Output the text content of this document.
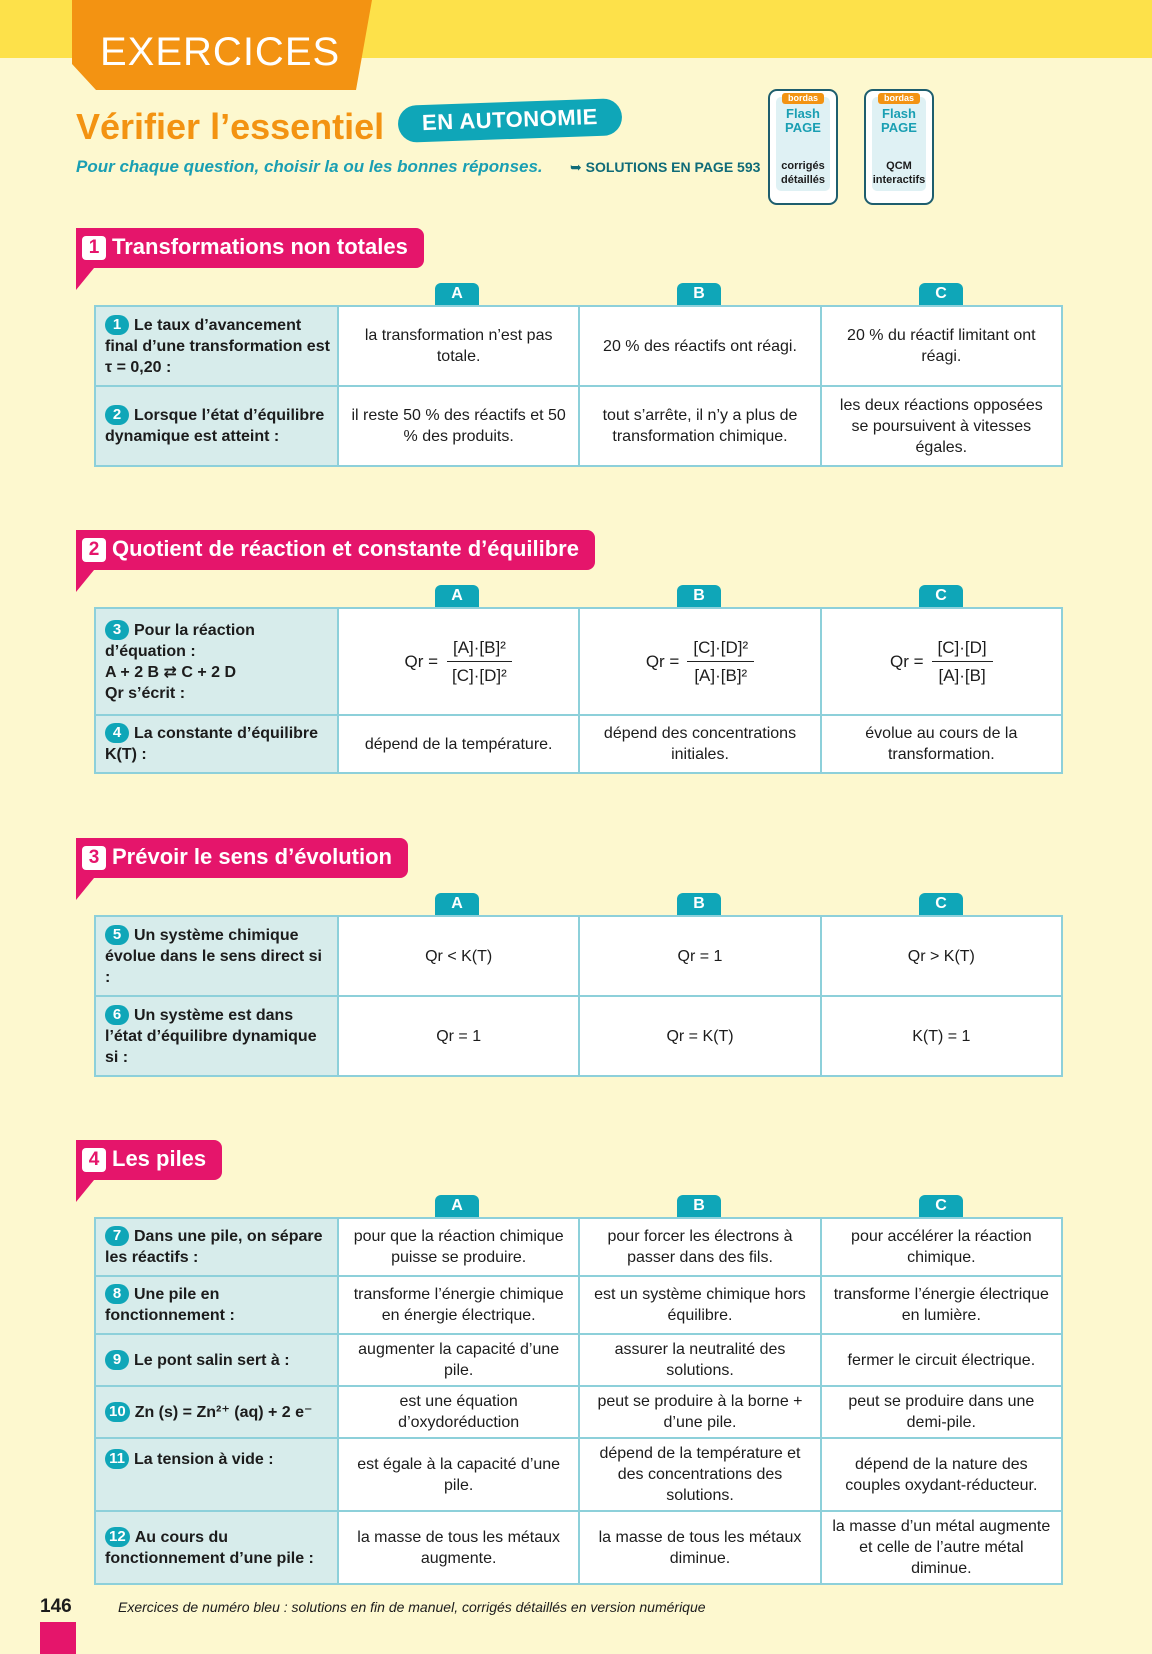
EXERCICES
Vérifier l’essentiel	EN AUTONOMIE
Pour chaque question, choisir la ou les bonnes réponses. ➥ SOLUTIONS EN PAGE 593
bordas
Flash PAGE
corrigés détaillés
bordas
Flash PAGE
QCM interactifs
1 Transformations non totales
A	B	C
1 Le taux d’avancement final d’une transformation est τ = 0,20 :	la transformation n’est pas totale.	20 % des réactifs ont réagi.	20 % du réactif limitant ont réagi.
2 Lorsque l’état d’équilibre dynamique est atteint :	il reste 50 % des réactifs et 50 % des produits.	tout s’arrête, il n’y a plus de transformation chimique.	les deux réactions opposées se poursuivent à vitesses égales.
2 Quotient de réaction et constante d’équilibre
A	B	C
3 Pour la réaction d’équation :
A + 2 B ⇄ C + 2 D
Qr s’écrit :	$Qr = \frac{\text{[A]·[B]²}}{\text{[C]·[D]²}}$	$Qr = \frac{\text{[C]·[D]²}}{\text{[A]·[B]²}}$	$Qr = \frac{[C]\cdot[D]}{[A]\cdot[B]}$

4 La constante d’équilibre K(T) :	dépend de la température.	dépend des concentrations initiales.	évolue au cours de la transformation.
3 Prévoir le sens d’évolution
A	B	C
5 Un système chimique évolue dans le sens direct si :	Qr < K(T)	Qr = 1	Qr > K(T)
6 Un système est dans l’état d’équilibre dynamique si :	Qr = 1	Qr = K(T)	K(T) = 1
4 Les piles
A	B	C
7 Dans une pile, on sépare les réactifs :	pour que la réaction chimique puisse se produire.	pour forcer les électrons à passer dans des fils.	pour accélérer la réaction chimique.
8 Une pile en fonctionnement :	transforme l’énergie chimique en énergie électrique.	est un système chimique hors équilibre.	transforme l’énergie électrique en lumière.
9 Le pont salin sert à :	augmenter la capacité d’une pile.	assurer la neutralité des solutions.	fermer le circuit électrique.
10 Zn (s) = Zn²⁺ (aq) + 2 e⁻	est une équation d’oxydoréduction	peut se produire à la borne + d’une pile.	peut se produire dans une demi-pile.
11 La tension à vide :	est égale à la capacité d’une pile.	dépend de la température et des concentrations des solutions.	dépend de la nature des couples oxydant-réducteur.
12 Au cours du fonctionnement d’une pile :	la masse de tous les métaux augmente.	la masse de tous les métaux diminue.	la masse d’un métal augmente et celle de l’autre métal diminue.
146	Exercices de numéro bleu : solutions en fin de manuel, corrigés détaillés en version numérique
